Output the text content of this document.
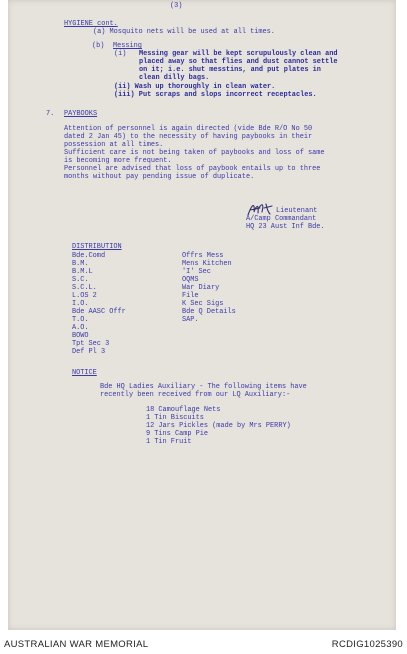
(3)
HYGIENE cont.
(a) Mosquito nets will be used at all times.
(b) Messing
(i) Messing gear will be kept scrupulously clean and
placed away so that flies and dust cannot settle
on it; i.e. shut messtins, and put plates in
clean dilly bags.
(ii) Wash up thoroughly in clean water.
(iii) Put scraps and slops incorrect receptacles.
7. PAYBOOKS
Attention of personnel is again directed (vide Bde R/O No 50
dated 2 Jan 45) to the necessity of having paybooks in their
possession at all times.
Sufficient care is not being taken of paybooks and loss of same
is becoming more frequent.
Personnel are advised that loss of paybook entails up to three
months without pay pending issue of duplicate.
Lieutenant
A/Camp Commandant
HQ 23 Aust Inf Bde.
DISTRIBUTION
Bde.Comd
B.M.
B.M.L
S.C.
S.C.L.
L.OS 2
I.O.
Bde AASC Offr
T.O.
A.O.
BOWO
Tpt Sec 3
Def Pl 3
Offrs Mess
Mens Kitchen
'I' Sec
OQMS
War Diary
File
K Sec Sigs
Bde Q Details
SAP.
NOTICE
Bde HQ Ladies Auxiliary - The following items have
recently been received from our LQ Auxiliary:-
18 Camouflage Nets
1 Tin Biscuits
12 Jars Pickles (made by Mrs PERRY)
9 Tins Camp Pie
1 Tin Fruit
AUSTRALIAN WAR MEMORIAL	RCDIG1025390
